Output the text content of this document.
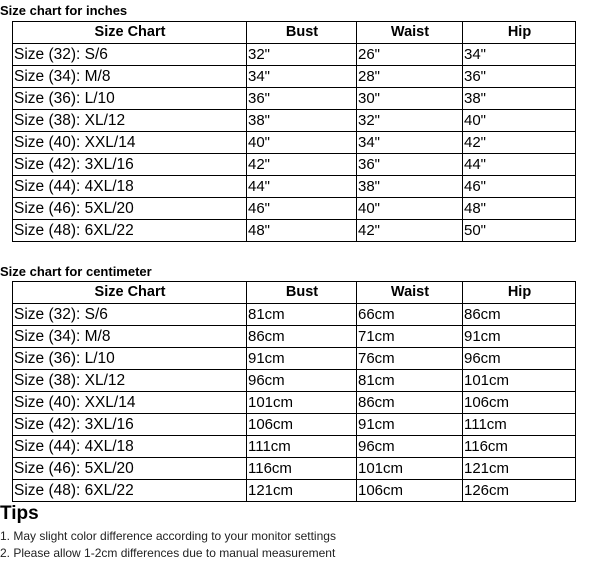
Size chart for inches
Size Chart	Bust	Waist	Hip
Size (32): S/6	32"	26"	34"
Size (34): M/8	34"	28"	36"
Size (36): L/10	36"	30"	38"
Size (38): XL/12	38"	32"	40"
Size (40): XXL/14	40"	34"	42"
Size (42): 3XL/16	42"	36"	44"
Size (44): 4XL/18	44"	38"	46"
Size (46): 5XL/20	46"	40"	48"
Size (48): 6XL/22	48"	42"	50"
Size chart for centimeter
Size Chart	Bust	Waist	Hip
Size (32): S/6	81cm	66cm	86cm
Size (34): M/8	86cm	71cm	91cm
Size (36): L/10	91cm	76cm	96cm
Size (38): XL/12	96cm	81cm	101cm
Size (40): XXL/14	101cm	86cm	106cm
Size (42): 3XL/16	106cm	91cm	111cm
Size (44): 4XL/18	111cm	96cm	116cm
Size (46): 5XL/20	116cm	101cm	121cm
Size (48): 6XL/22	121cm	106cm	126cm
Tips
1. May slight color difference according to your monitor settings
2. Please allow 1-2cm differences due to manual measurement
